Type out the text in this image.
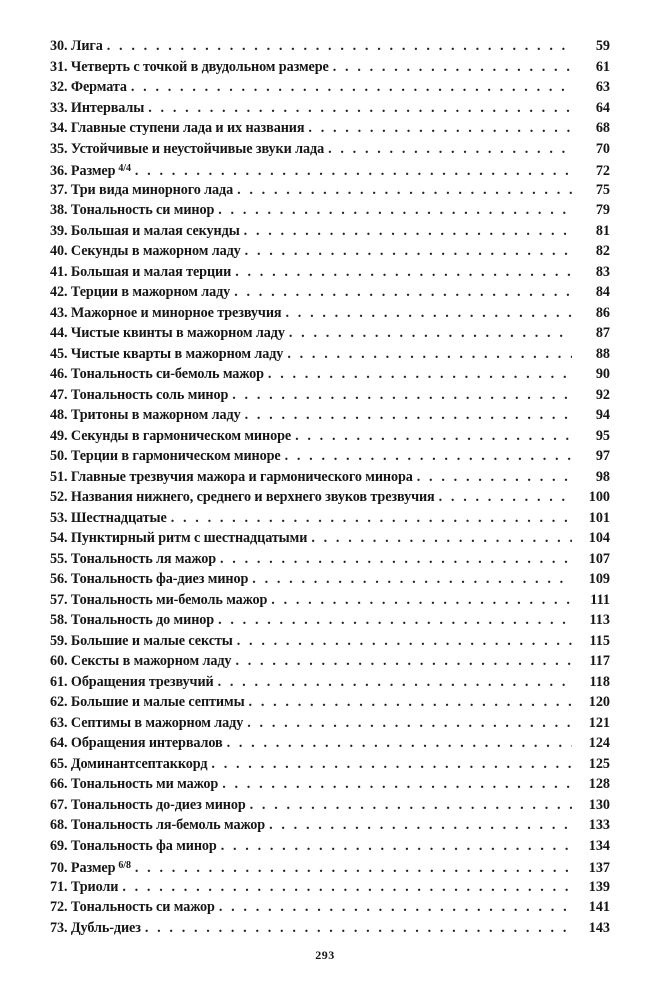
30. Лига . . .	59
31. Четверть с точкой в двудольном размере . . .	61
32. Фермата . . .	63
33. Интервалы . . .	64
34. Главные ступени лада и их названия . . .	68
35. Устойчивые и неустойчивые звуки лада . . .	70
36. Размер $^{4/4}$ . . .	72
37. Три вида минорного лада . . .	75
38. Тональность си минор . . .	79
39. Большая и малая секунды . . .	81
40. Секунды в мажорном ладу . . .	82
41. Большая и малая терции . . .	83
42. Терции в мажорном ладу . . .	84
43. Мажорное и минорное трезвучия . . .	86
44. Чистые квинты в мажорном ладу . . .	87
45. Чистые кварты в мажорном ладу . . .	88
46. Тональность си-бемоль мажор . . .	90
47. Тональность соль минор . . .	92
48. Тритоны в мажорном ладу . . .	94
49. Секунды в гармоническом миноре . . .	95
50. Терции в гармоническом миноре . . .	97
51. Главные трезвучия мажора и гармонического минора . . .	98
52. Названия нижнего, среднего и верхнего звуков трезвучия . . .	100
53. Шестнадцатые . . .	101
54. Пунктирный ритм с шестнадцатыми . . .	104
55. Тональность ля мажор . . .	107
56. Тональность фа-диез минор . . .	109
57. Тональность ми-бемоль мажор . . .	111
58. Тональность до минор . . .	113
59. Большие и малые сексты . . .	115
60. Сексты в мажорном ладу . . .	117
61. Обращения трезвучий . . .	118
62. Большие и малые септимы . . .	120
63. Септимы в мажорном ладу . . .	121
64. Обращения интервалов . . .	124
65. Доминантсептаккорд . . .	125
66. Тональность ми мажор . . .	128
67. Тональность до-диез минор . . .	130
68. Тональность ля-бемоль мажор . . .	133
69. Тональность фа минор . . .	134
70. Размер $^{6/8}$ . . .	137
71. Триоли . . .	139
72. Тональность си мажор . . .	141
73. Дубль-диез . . .	143
293
